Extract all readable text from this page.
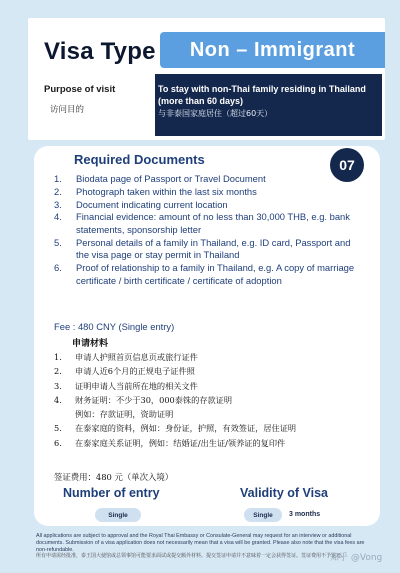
Visa Type	Non – Immigrant
Purpose of visit
访问目的
To stay with non-Thai family residing in Thailand (more than 60 days)
与非泰国家庭居住（超过60天）
Required Documents	07
1.	Biodata page of Passport or Travel Document
2.	Photograph taken within the last six months
3.	Document indicating current location
4.	Financial evidence: amount of no less than 30,000 THB, e.g. bank statements, sponsorship letter
5.	Personal details of a family in Thailand, e.g. ID card, Passport and the visa page or stay permit in Thailand
6.	Proof of relationship to a family in Thailand, e.g. A copy of marriage certificate / birth certificate / certificate of adoption
Fee : 480 CNY (Single entry)
申请材料
1.	申请人护照首页信息页或旅行证件
2.	申请人近6个月的正规电子证件照
3.	证明申请人当前所在地的相关文件
4.	财务证明：不少于30，000泰铢的存款证明
例如：存款证明，资助证明
5.	在泰家庭的资料，例如：身份证，护照，有效签证，居住证明
6.	在泰家庭关系证明，例如：结婚证/出生证/领养证的复印件
签证费用：480 元（单次入境）
Number of entry	Validity of Visa
Single	Single	3 months
All applications are subject to approval and the Royal Thai Embassy or Consulate-General may request for an interview or additional documents. Submission of a visa application does not necessarily mean that a visa will be granted. Please also note that the visa fees are non-refundable.
所有申请需经批准，泰王国大使馆或总领事馆可能要求面试或提交额外材料。提交签证申请并不意味着一定会获得签证。签证费用不予退还。
知乎 @Vong
